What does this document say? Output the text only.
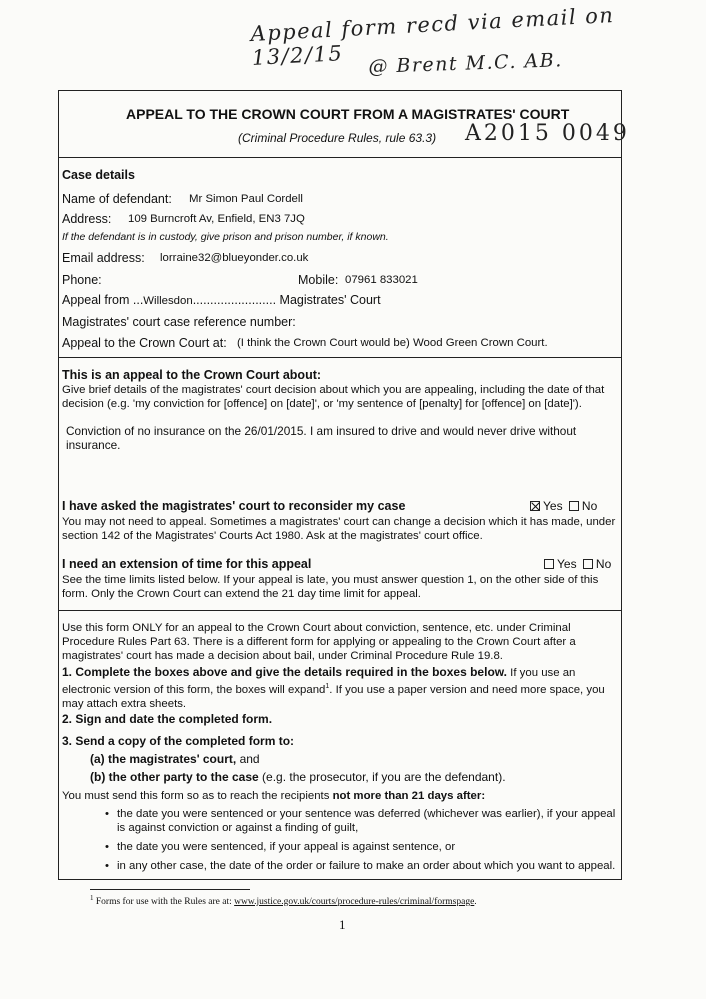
Appeal form recd via email on 13/2/15	@ Brent M.C. AB.
APPEAL TO THE CROWN COURT FROM A MAGISTRATES' COURT
(Criminal Procedure Rules, rule 63.3) A2015 0049
Case details
Name of defendant: Mr Simon Paul Cordell
Address: 109 Burncroft Av, Enfield, EN3 7JQ
If the defendant is in custody, give prison and prison number, if known.
Email address: lorraine32@blueyonder.co.uk
Phone:	Mobile: 07961 833021
Appeal from ...Willesdon........................ Magistrates' Court
Magistrates' court case reference number:
Appeal to the Crown Court at: (I think the Crown Court would be) Wood Green Crown Court.
This is an appeal to the Crown Court about:
Give brief details of the magistrates' court decision about which you are appealing, including the date of that decision (e.g. 'my conviction for [offence] on [date]', or 'my sentence of [penalty] for [offence] on [date]').
Conviction of no insurance on the 26/01/2015. I am insured to drive and would never drive without insurance.
I have asked the magistrates' court to reconsider my case	Yes No
You may not need to appeal. Sometimes a magistrates' court can change a decision which it has made, under section 142 of the Magistrates' Courts Act 1980. Ask at the magistrates' court office.
I need an extension of time for this appeal	Yes No
See the time limits listed below. If your appeal is late, you must answer question 1, on the other side of this form. Only the Crown Court can extend the 21 day time limit for appeal.
Use this form ONLY for an appeal to the Crown Court about conviction, sentence, etc. under Criminal Procedure Rules Part 63. There is a different form for applying or appealing to the Crown Court after a magistrates' court has made a decision about bail, under Criminal Procedure Rule 19.8.
1. Complete the boxes above and give the details required in the boxes below. If you use an electronic version of this form, the boxes will expand$^1$. If you use a paper version and need more space, you may attach extra sheets.
2. Sign and date the completed form.
3. Send a copy of the completed form to:
(a) the magistrates' court, and
(b) the other party to the case (e.g. the prosecutor, if you are the defendant).
You must send this form so as to reach the recipients not more than 21 days after:
• the date you were sentenced or your sentence was deferred (whichever was earlier), if your appeal is against conviction or against a finding of guilt,
• the date you were sentenced, if your appeal is against sentence, or
• in any other case, the date of the order or failure to make an order about which you want to appeal.
$^1$ Forms for use with the Rules are at: www.justice.gov.uk/courts/procedure-rules/criminal/formspage.
1
